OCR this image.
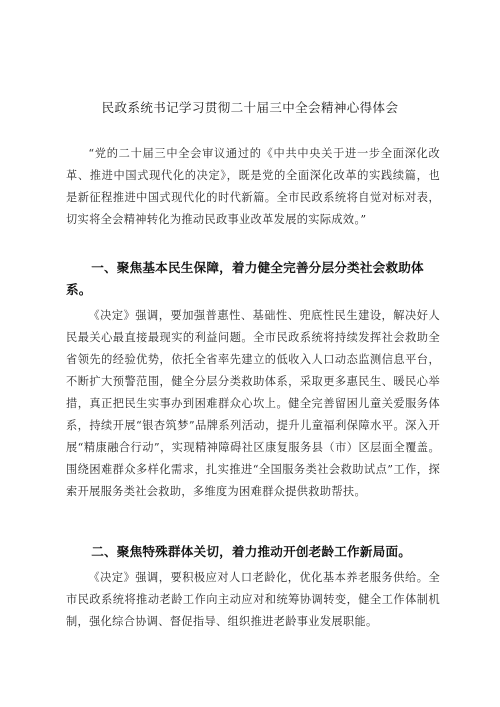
民政系统书记学习贯彻二十届三中全会精神心得体会

“党的二十届三中全会审议通过的《中共中央关于进一步全面深化改革、推进中国式现代化的决定》，既是党的全面深化改革的实践续篇，也是新征程推进中国式现代化的时代新篇。全市民政系统将自觉对标对表，切实将全会精神转化为推动民政事业改革发展的实际成效。”

一、聚焦基本民生保障，着力健全完善分层分类社会救助体系。

《决定》强调，要加强普惠性、基础性、兜底性民生建设，解决好人民最关心最直接最现实的利益问题。全市民政系统将持续发挥社会救助全省领先的经验优势，依托全省率先建立的低收入人口动态监测信息平台，不断扩大预警范围，健全分层分类救助体系，采取更多惠民生、暖民心举措，真正把民生实事办到困难群众心坎上。健全完善留困儿童关爱服务体系，持续开展“银杏筑梦”品牌系列活动，提升儿童福利保障水平。深入开展“精康融合行动”，实现精神障碍社区康复服务县（市）区层面全覆盖。围绕困难群众多样化需求，扎实推进“全国服务类社会救助试点”工作，探索开展服务类社会救助，多维度为困难群众提供救助帮扶。

二、聚焦特殊群体关切，着力推动开创老龄工作新局面。

《决定》强调，要积极应对人口老龄化，优化基本养老服务供给。全市民政系统将推动老龄工作向主动应对和统筹协调转变，健全工作体制机制，强化综合协调、督促指导、组织推进老龄事业发展职能。
